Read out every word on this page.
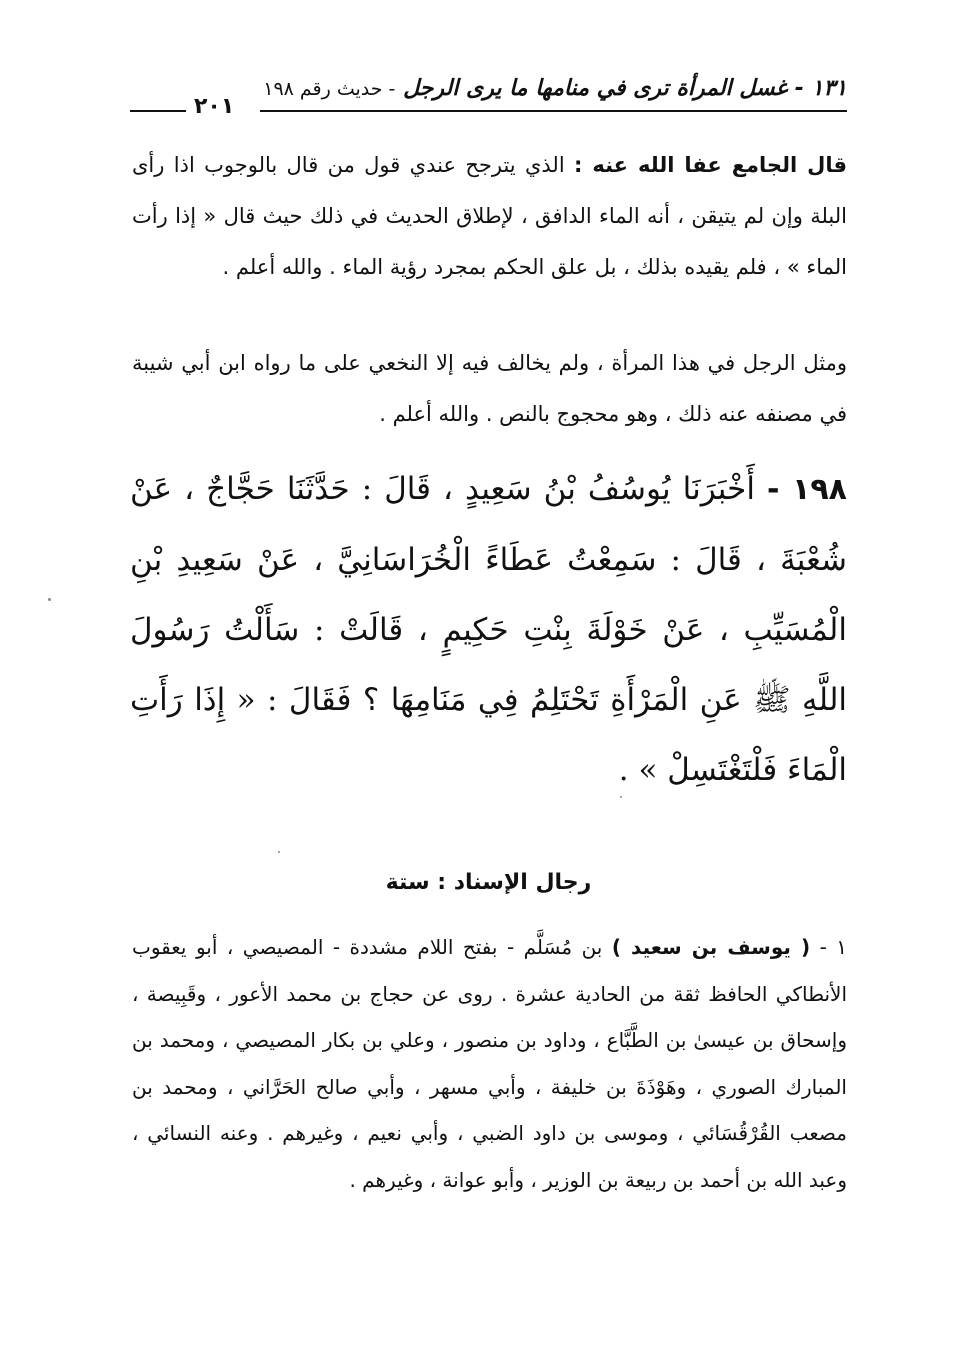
١٣١ - غسل المرأة ترى في منامها ما يرى الرجل - حديث رقم ١٩٨
٢٠١
قال الجامع عفا الله عنه : الذي يترجح عندي قول من قال بالوجوب اذا رأى البلة وإن لم يتيقن ، أنه الماء الدافق ، لإطلاق الحديث في ذلك حيث قال « إذا رأت الماء » ، فلم يقيده بذلك ، بل علق الحكم بمجرد رؤية الماء . والله أعلم .
ومثل الرجل في هذا المرأة ، ولم يخالف فيه إلا النخعي على ما رواه ابن أبي شيبة في مصنفه عنه ذلك ، وهو محجوج بالنص . والله أعلم .
١٩٨ - أَخْبَرَنَا يُوسُفُ بْنُ سَعِيدٍ ، قَالَ : حَدَّثَنَا حَجَّاجٌ ، عَنْ شُعْبَةَ ، قَالَ : سَمِعْتُ عَطَاءً الْخُرَاسَانِيَّ ، عَنْ سَعِيدِ بْنِ الْمُسَيِّبِ ، عَنْ خَوْلَةَ بِنْتِ حَكِيمٍ ، قَالَتْ : سَأَلْتُ رَسُولَ اللَّهِ ﷺ عَنِ الْمَرْأَةِ تَحْتَلِمُ فِي مَنَامِهَا ؟ فَقَالَ : « إِذَا رَأَتِ الْمَاءَ فَلْتَغْتَسِلْ » .
رجال الإسناد : ستة
١ - ( يوسف بن سعيد ) بن مُسَلَّم - بفتح اللام مشددة - المصيصي ، أبو يعقوب الأنطاكي الحافظ ثقة من الحادية عشرة . روى عن حجاج بن محمد الأعور ، وقَبِيصة ، وإسحاق بن عيسىٰ بن الطَّبَّاع ، وداود بن منصور ، وعلي بن بكار المصيصي ، ومحمد بن المبارك الصوري ، وهَوْذَةَ بن خليفة ، وأبي مسهر ، وأبي صالح الحَرَّاني ، ومحمد بن مصعب القُرْقُسَائي ، وموسى بن داود الضبي ، وأبي نعيم ، وغيرهم . وعنه النسائي ، وعبد الله بن أحمد بن ربيعة بن الوزير ، وأبو عوانة ، وغيرهم .
